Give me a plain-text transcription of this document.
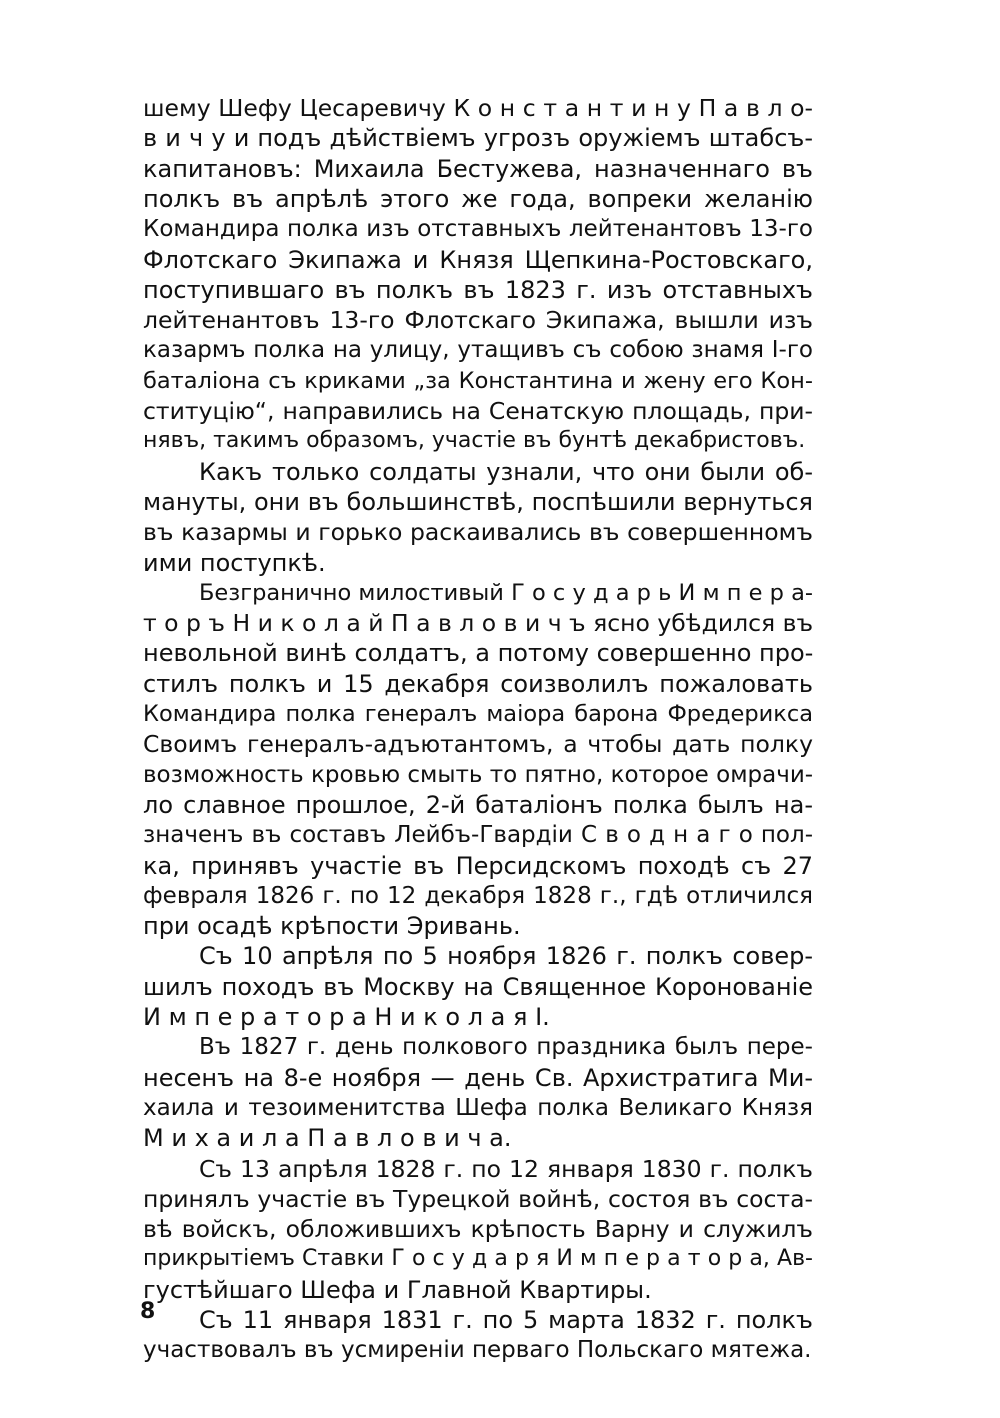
шему Шефу Цесаревичу К о н с т а н т и н у П а в л о-
в и ч у и подъ дѣйствiемъ угрозъ оружiемъ штабсъ-
капитановъ: Михаила Бестужева, назначеннаго въ
полкъ въ апрѣлѣ этого же года, вопреки желанiю
Командира полка изъ отставныхъ лейтенантовъ 13-го
Флотскаго Экипажа и Князя Щепкина-Ростовскаго,
поступившаго въ полкъ въ 1823 г. изъ отставныхъ
лейтенантовъ 13-го Флотскаго Экипажа, вышли изъ
казармъ полка на улицу, утащивъ съ собою знамя I-го
баталiона съ криками „за Константина и жену его Кон-
ституцiю“, направились на Сенатскую площадь, при-
нявъ, такимъ образомъ, участiе въ бунтѣ декабристовъ.
Какъ только солдаты узнали, что они были об-
мануты, они въ большинствѣ, поспѣшили вернуться
въ казармы и горько раскаивались въ совершенномъ
ими поступкѣ.
Безгранично милостивый Г о с у д а р ь И м п е р а-
т о р ъ Н и к о л а й П а в л о в и ч ъ ясно убѣдился въ
невольной винѣ солдатъ, а потому совершенно про-
стилъ полкъ и 15 декабря соизволилъ пожаловать
Командира полка генералъ маiора барона Фредерикса
Своимъ генералъ-адъютантомъ, а чтобы дать полку
возможность кровью смыть то пятно, которое омрачи-
ло славное прошлое, 2-й баталiонъ полка былъ на-
значенъ въ составъ Лейбъ-Гвардiи С в о д н а г о пол-
ка, принявъ участiе въ Персидскомъ походѣ съ 27
февраля 1826 г. по 12 декабря 1828 г., гдѣ отличился
при осадѣ крѣпости Эривань.
Съ 10 апрѣля по 5 ноября 1826 г. полкъ совер-
шилъ походъ въ Москву на Священное Коронованiе
И м п е р а т о р а Н и к о л а я I.
Въ 1827 г. день полкового праздника былъ пере-
несенъ на 8-е ноября — день Св. Архистратига Ми-
хаила и тезоименитства Шефа полка Великаго Князя
М и х а и л а П а в л о в и ч а.
Съ 13 апрѣля 1828 г. по 12 января 1830 г. полкъ
принялъ участiе въ Турецкой войнѣ, состоя въ соста-
вѣ войскъ, обложившихъ крѣпость Варну и служилъ
прикрытiемъ Ставки Г о с у д а р я И м п е р а т о р а, Ав-
густѣйшаго Шефа и Главной Квартиры.
Съ 11 января 1831 г. по 5 марта 1832 г. полкъ
участвовалъ въ усмиренiи перваго Польскаго мятежа.
8
